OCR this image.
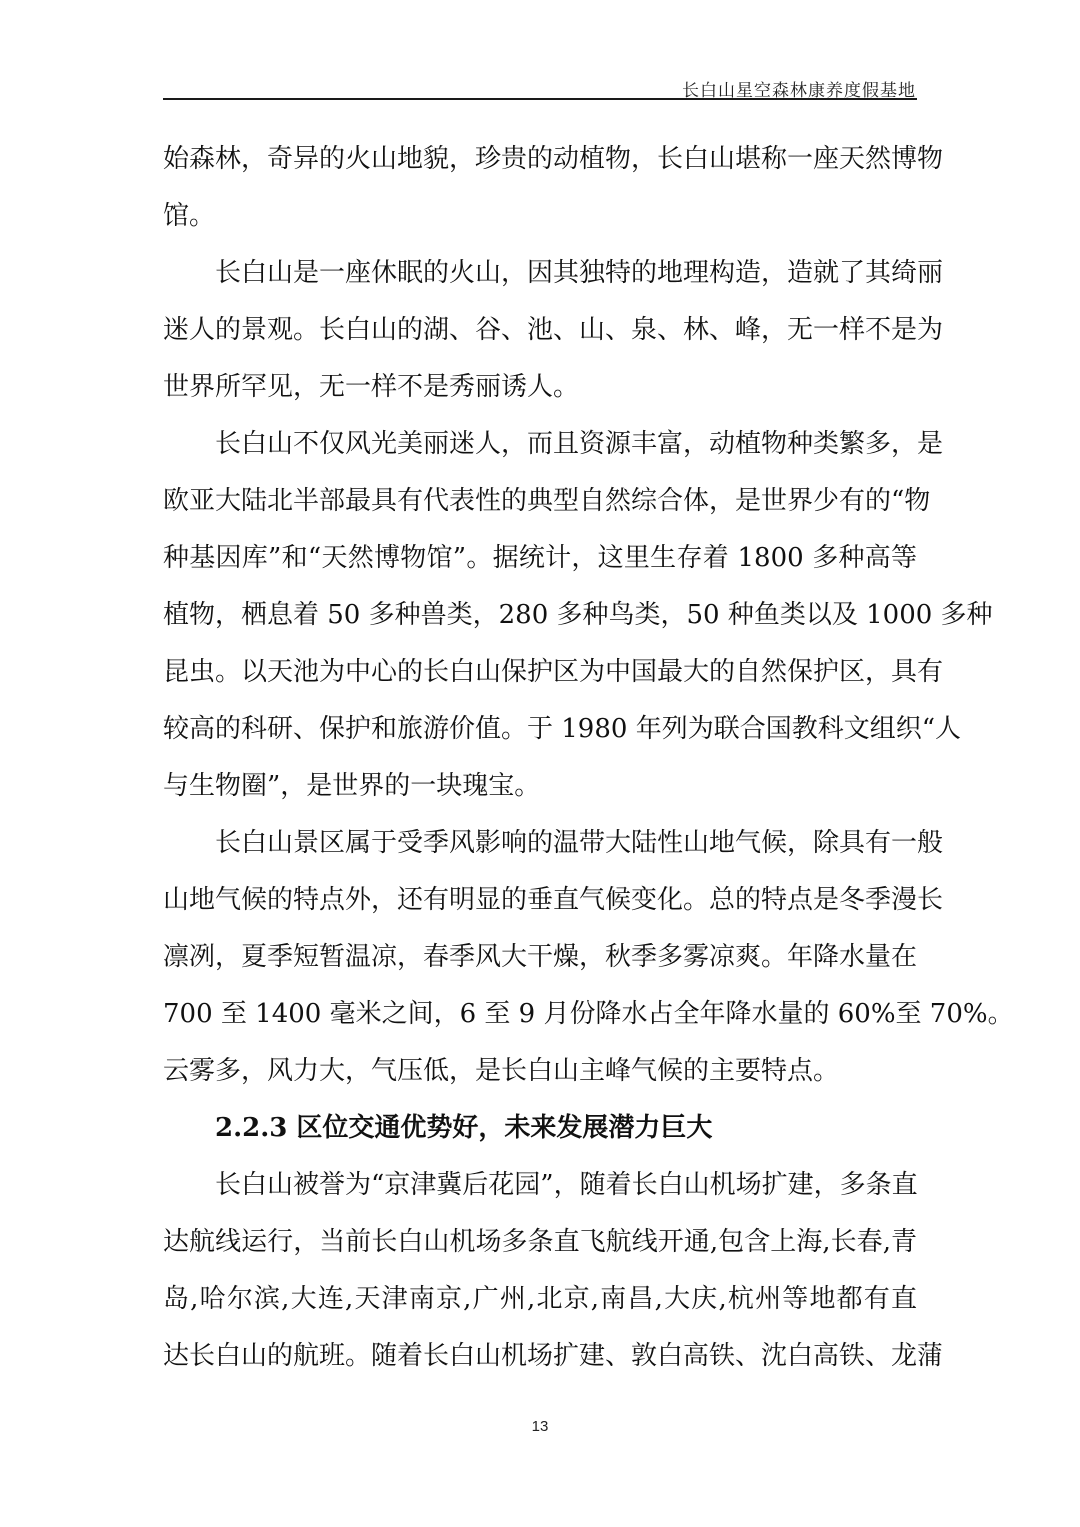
长白山星空森林康养度假基地

始森林，奇异的火山地貌，珍贵的动植物，长白山堪称一座天然博物
馆。

长白山是一座休眠的火山，因其独特的地理构造，造就了其绮丽
迷人的景观。长白山的湖、谷、池、山、泉、林、峰，无一样不是为
世界所罕见，无一样不是秀丽诱人。

长白山不仅风光美丽迷人，而且资源丰富，动植物种类繁多，是
欧亚大陆北半部最具有代表性的典型自然综合体，是世界少有的“物
种基因库”和“天然博物馆”。据统计，这里生存着 1800 多种高等
植物，栖息着 50 多种兽类，280 多种鸟类，50 种鱼类以及 1000 多种
昆虫。以天池为中心的长白山保护区为中国最大的自然保护区，具有
较高的科研、保护和旅游价值。于 1980 年列为联合国教科文组织“人
与生物圈”，是世界的一块瑰宝。

长白山景区属于受季风影响的温带大陆性山地气候，除具有一般
山地气候的特点外，还有明显的垂直气候变化。总的特点是冬季漫长
凛冽，夏季短暂温凉，春季风大干燥，秋季多雾凉爽。年降水量在
700 至 1400 毫米之间，6 至 9 月份降水占全年降水量的 60%至 70%。
云雾多，风力大，气压低，是长白山主峰气候的主要特点。

2.2.3 区位交通优势好，未来发展潜力巨大

长白山被誉为“京津冀后花园”，随着长白山机场扩建，多条直
达航线运行，当前长白山机场多条直飞航线开通,包含上海,长春,青
岛,哈尔滨,大连,天津南京,广州,北京,南昌,大庆,杭州等地都有直
达长白山的航班。随着长白山机场扩建、敦白高铁、沈白高铁、龙蒲

13
